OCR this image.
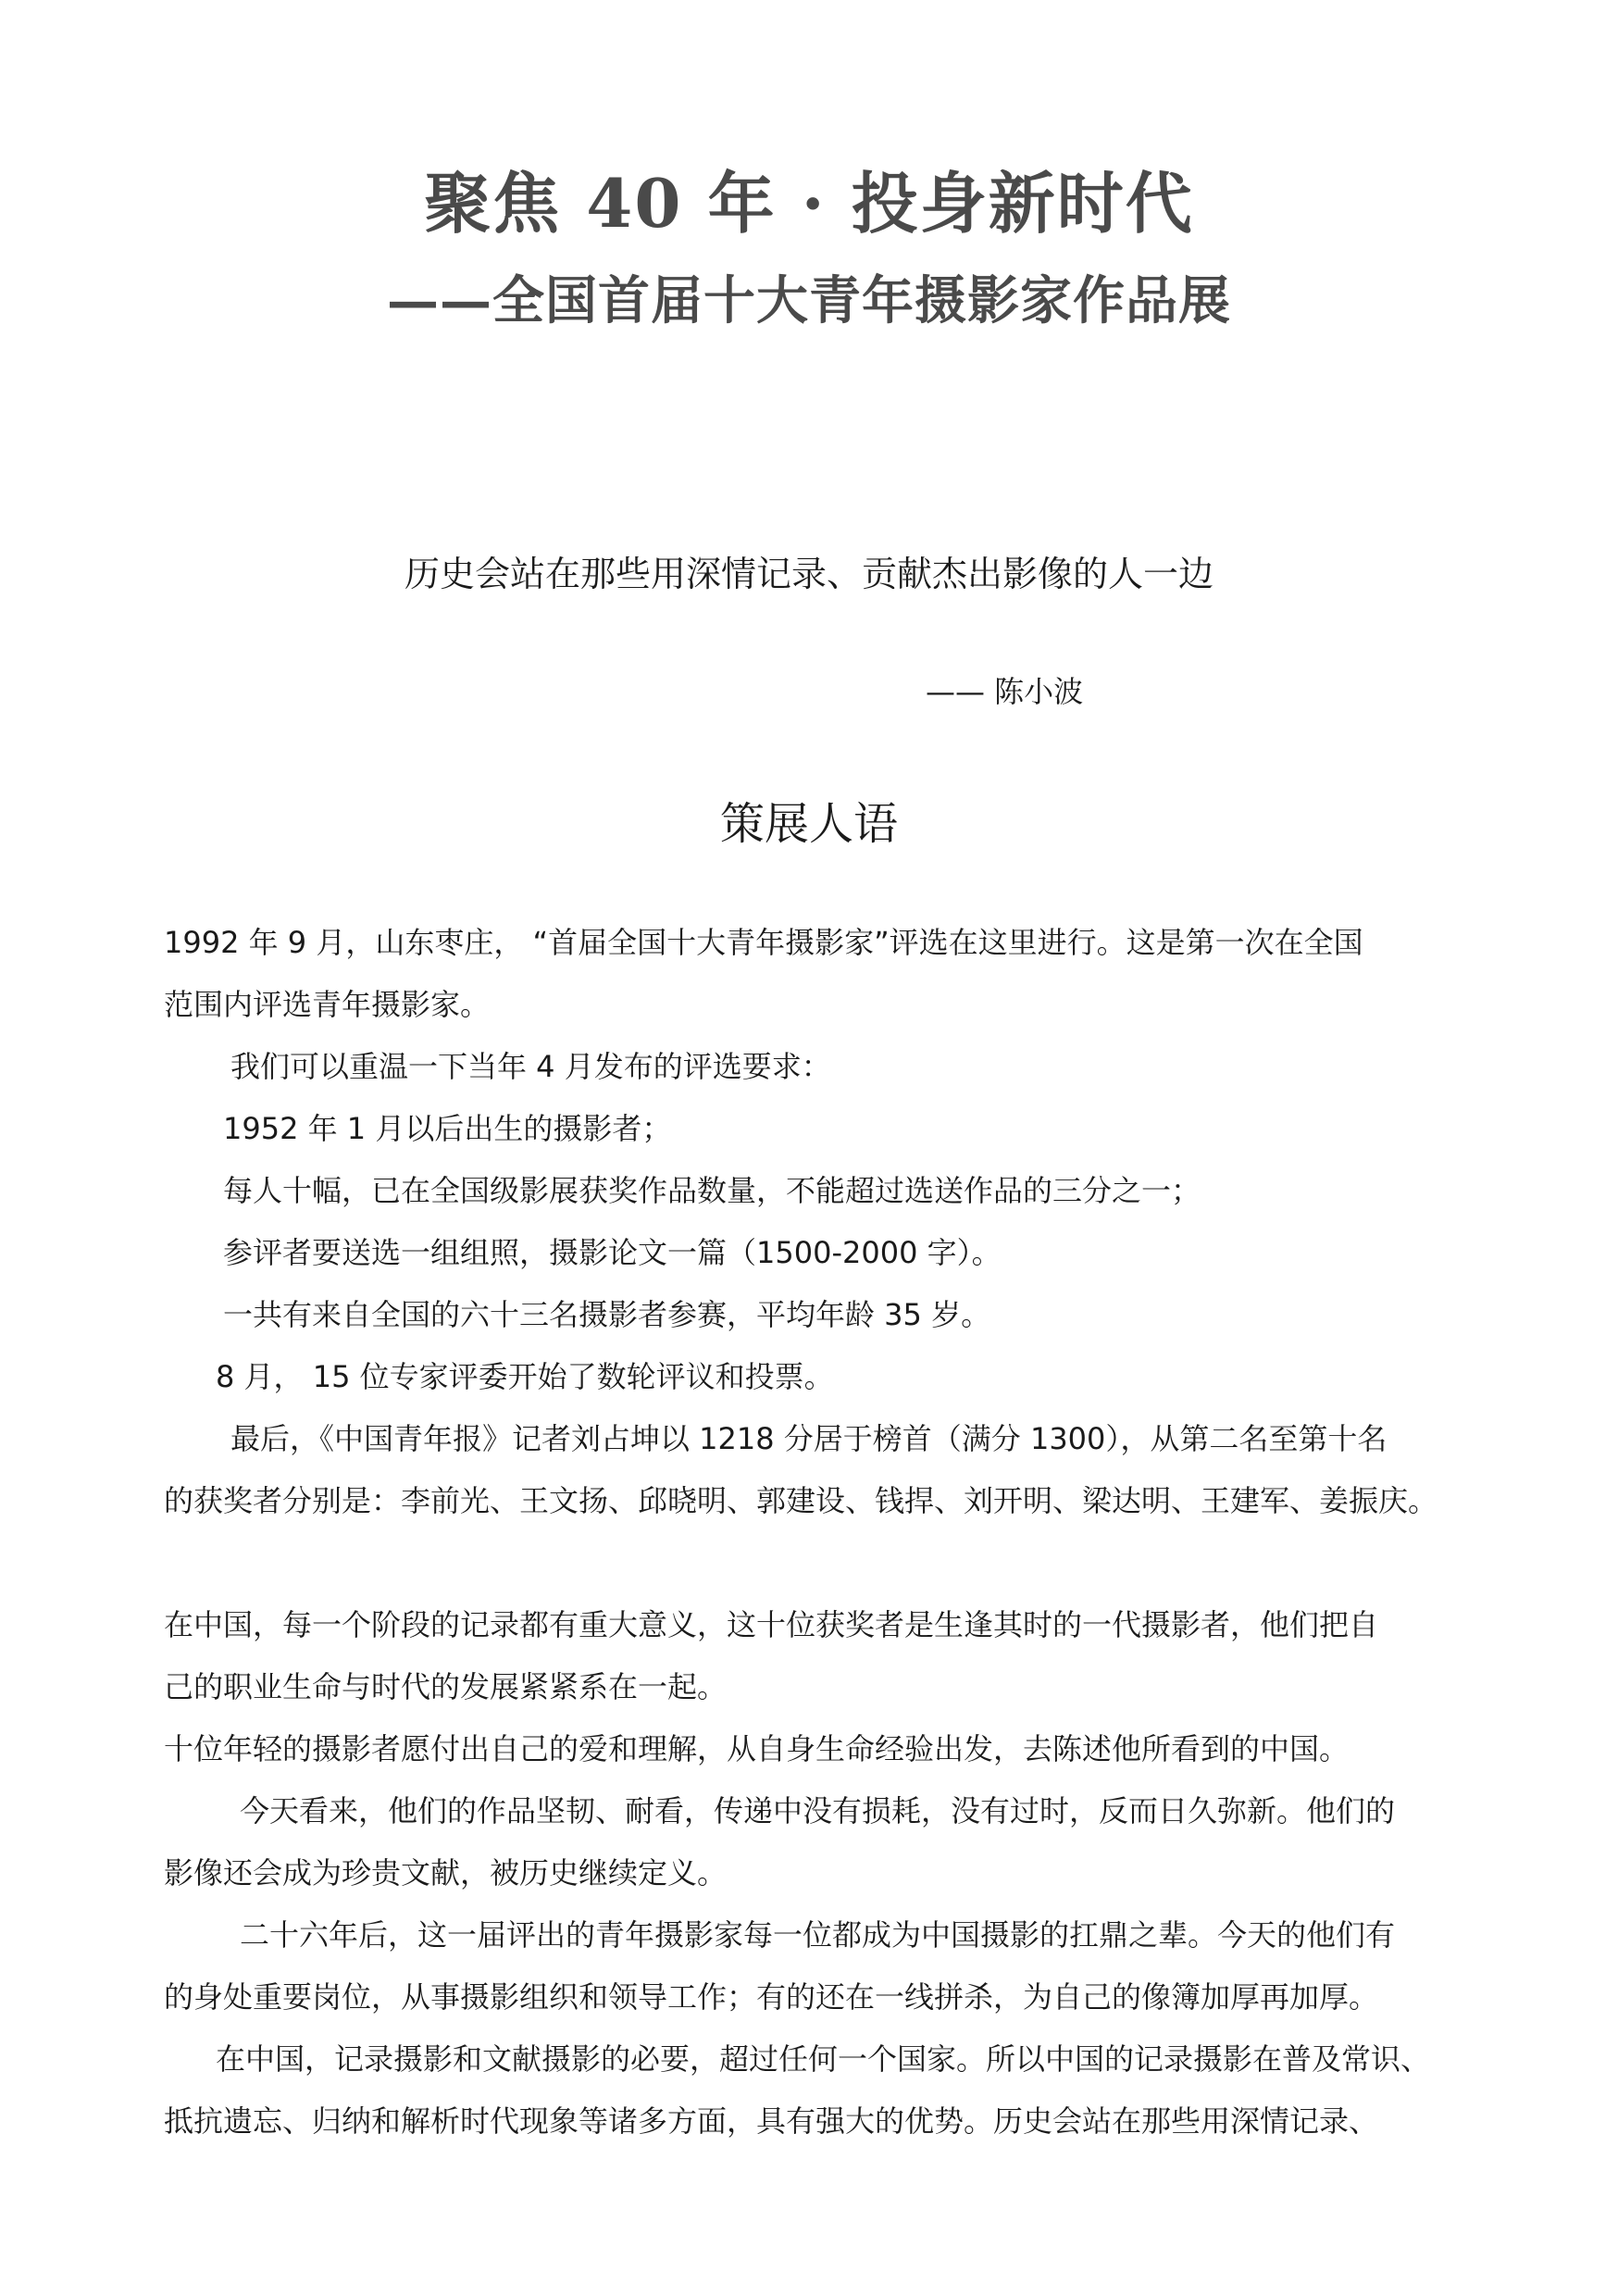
聚焦 40 年 · 投身新时代
——全国首届十大青年摄影家作品展
历史会站在那些用深情记录、贡献杰出影像的人一边
—— 陈小波
策展人语
1992 年 9 月，山东枣庄， “首届全国十大青年摄影家”评选在这里进行。这是第一次在全国
范围内评选青年摄影家。
我们可以重温一下当年 4 月发布的评选要求：
1952 年 1 月以后出生的摄影者；
每人十幅，已在全国级影展获奖作品数量，不能超过选送作品的三分之一；
参评者要送选一组组照，摄影论文一篇（1500-2000 字）。
一共有来自全国的六十三名摄影者参赛，平均年龄 35 岁。
8 月， 15 位专家评委开始了数轮评议和投票。
最后，《中国青年报》记者刘占坤以 1218 分居于榜首（满分 1300），从第二名至第十名
的获奖者分别是：李前光、王文扬、邱晓明、郭建设、钱捍、刘开明、梁达明、王建军、姜振庆。
在中国，每一个阶段的记录都有重大意义，这十位获奖者是生逢其时的一代摄影者，他们把自
己的职业生命与时代的发展紧紧系在一起。
十位年轻的摄影者愿付出自己的爱和理解，从自身生命经验出发，去陈述他所看到的中国。
今天看来，他们的作品坚韧、耐看，传递中没有损耗，没有过时，反而日久弥新。他们的
影像还会成为珍贵文献，被历史继续定义。
二十六年后，这一届评出的青年摄影家每一位都成为中国摄影的扛鼎之辈。今天的他们有
的身处重要岗位，从事摄影组织和领导工作；有的还在一线拼杀，为自己的像簿加厚再加厚。
在中国，记录摄影和文献摄影的必要，超过任何一个国家。所以中国的记录摄影在普及常识、
抵抗遗忘、归纳和解析时代现象等诸多方面，具有强大的优势。历史会站在那些用深情记录、
